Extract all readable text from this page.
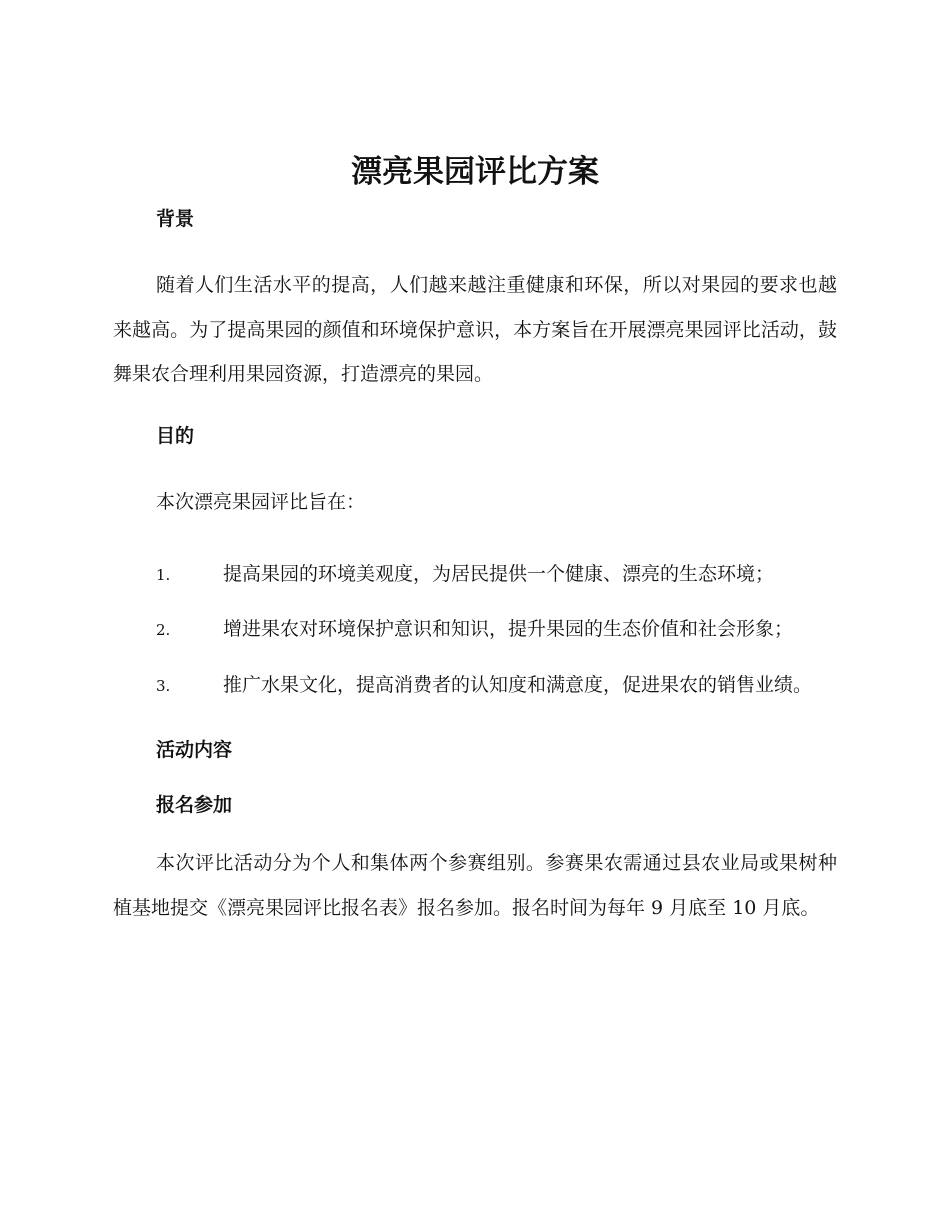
漂亮果园评比方案
背景

随着人们生活水平的提高，人们越来越注重健康和环保，所以对果园的要求也越来越高。为了提高果园的颜值和环境保护意识，本方案旨在开展漂亮果园评比活动，鼓舞果农合理利用果园资源，打造漂亮的果园。

目的

本次漂亮果园评比旨在：

1.	提高果园的环境美观度，为居民提供一个健康、漂亮的生态环境；

2.	增进果农对环境保护意识和知识，提升果园的生态价值和社会形象；

3.	推广水果文化，提高消费者的认知度和满意度，促进果农的销售业绩。

活动内容
报名参加

本次评比活动分为个人和集体两个参赛组别。参赛果农需通过县农业局或果树种植基地提交《漂亮果园评比报名表》报名参加。报名时间为每年 9 月底至 10 月底。
